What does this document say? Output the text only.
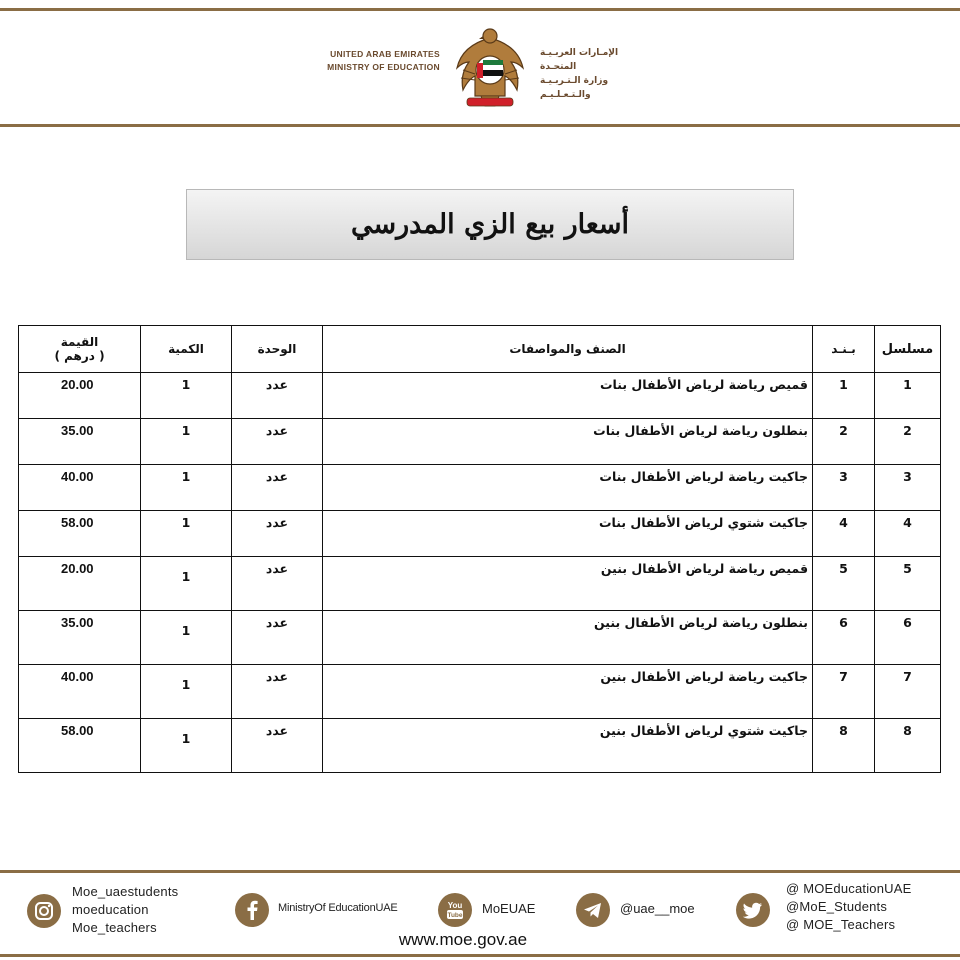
UNITED ARAB EMIRATES
MINISTRY OF EDUCATION
الإمـارات العربـيـة المتحـدة
وزارة الـتـربـيـة والـتـعـلـيـم
أسعار بيع الزي المدرسي
مسلسل	بـنـد	الصنف والمواصفات	الوحدة	الكمية	القيمة
( درهم )

1	1	قميص رياضة لرياض الأطفال بنات	عدد	1	20.00
2	2	بنطلون رياضة لرياض الأطفال بنات	عدد	1	35.00
3	3	جاكيت رياضة لرياض الأطفال بنات	عدد	1	40.00
4	4	جاكيت شتوي لرياض الأطفال بنات	عدد	1	58.00
5	5	قميص رياضة لرياض الأطفال بنين	عدد	1	20.00
6	6	بنطلون رياضة لرياض الأطفال بنين	عدد	1	35.00
7	7	جاكيت رياضة لرياض الأطفال بنين	عدد	1	40.00
8	8	جاكيت شتوي لرياض الأطفال بنين	عدد	1	58.00
Moe_uaestudents
moeducation
Moe_teachers
MinistryOf EducationUAE	You
Tube MoEUAE	@uae__moe
@ MOEducationUAE
@MoE_Students
@ MOE_Teachers
www.moe.gov.ae
